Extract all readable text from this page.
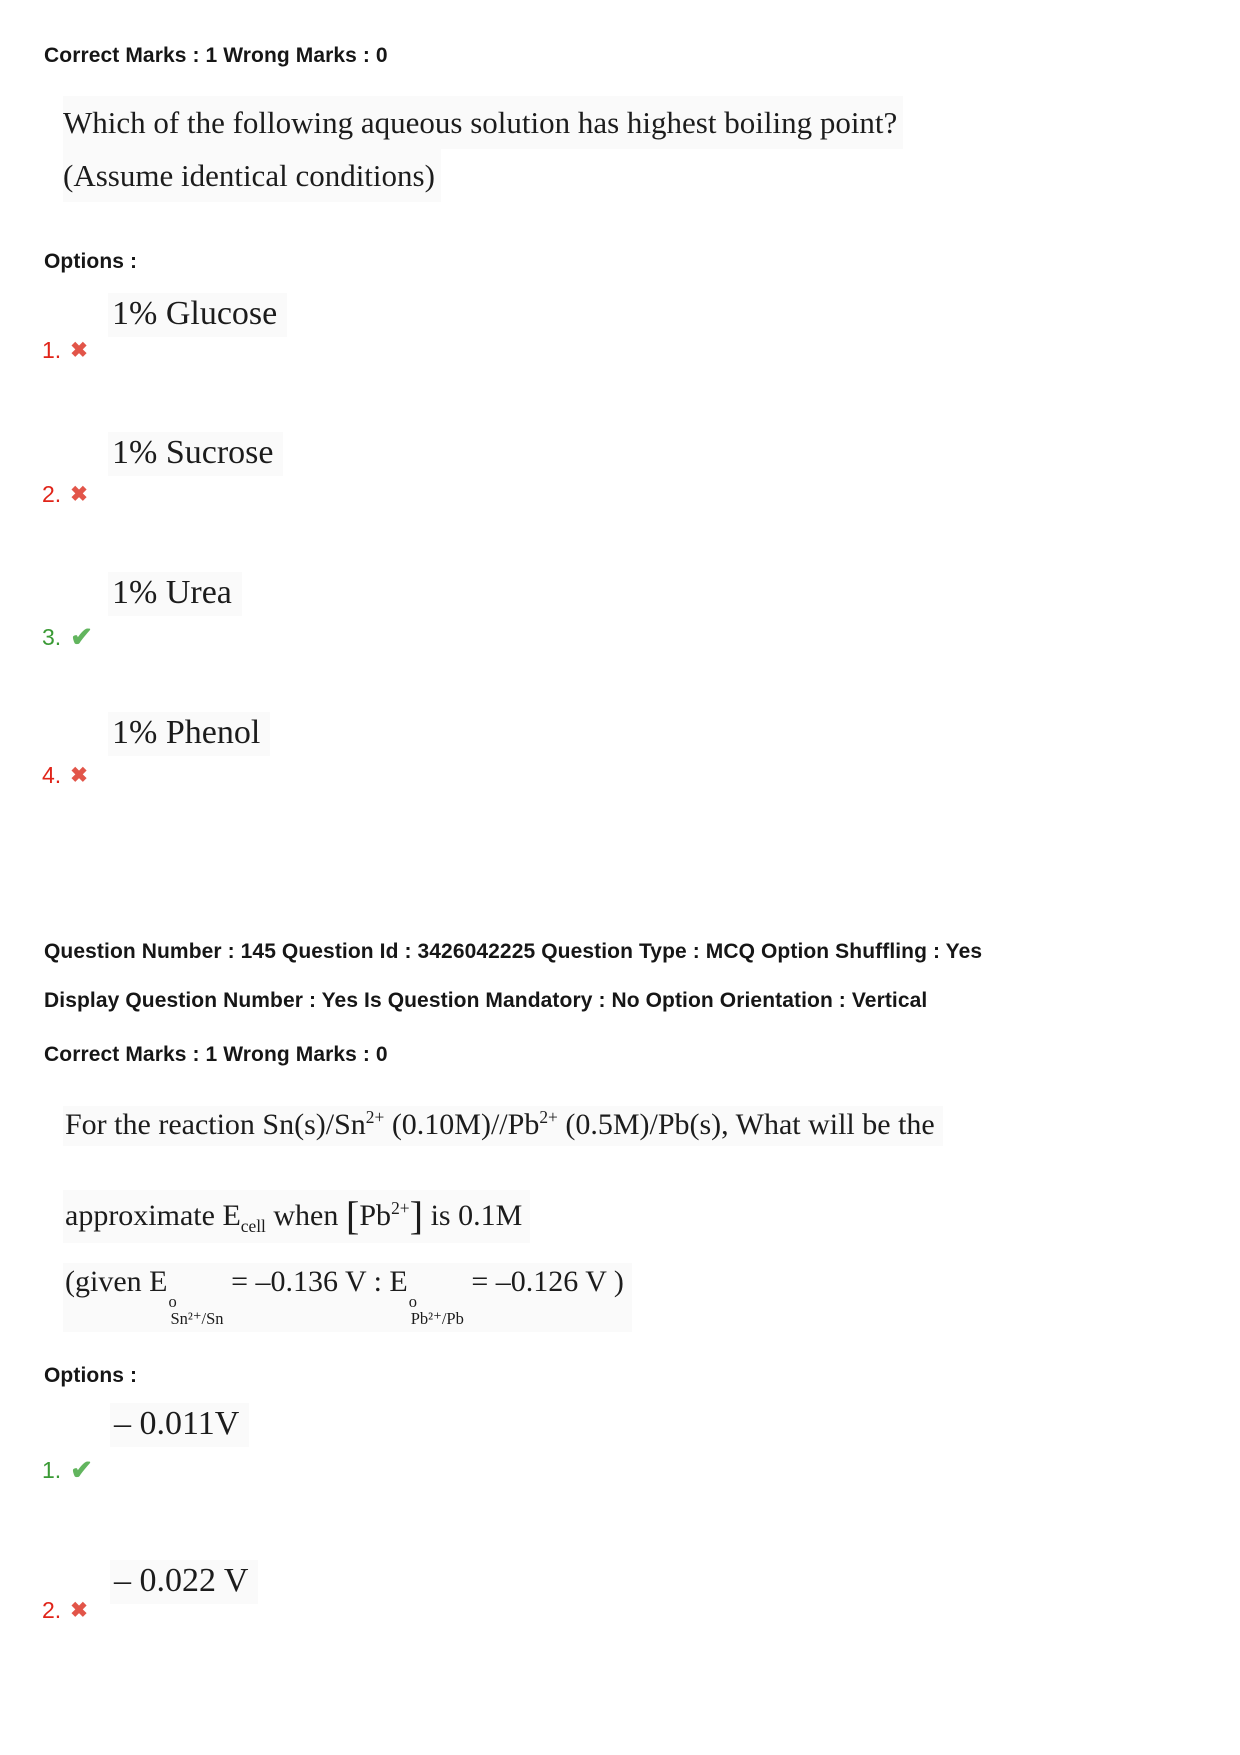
Correct Marks : 1 Wrong Marks : 0

Which of the following aqueous solution has highest boiling point?
(Assume identical conditions)

Options :

1% Glucose
1. ✖
1% Sucrose
2. ✖
1% Urea
3. ✔
1% Phenol
4. ✖

Question Number : 145 Question Id : 3426042225 Question Type : MCQ Option Shuffling : Yes

Display Question Number : Yes Is Question Mandatory : No Option Orientation : Vertical

Correct Marks : 1 Wrong Marks : 0

For the reaction $Sn(s)/Sn^{2+}$ $(0.10M)//Pb^{2+}$ (0.5M)/Pb(s), What will be the
approximate $E_{cell}$ when $[Pb^{2+}]$ is 0.1M
(given E
o
Sn²⁺/Sn
= –0.136 V : E
o
Pb²⁺/Pb
= –0.126 V )

Options :

– 0.011V
1. ✔
– 0.022 V
2. ✖
